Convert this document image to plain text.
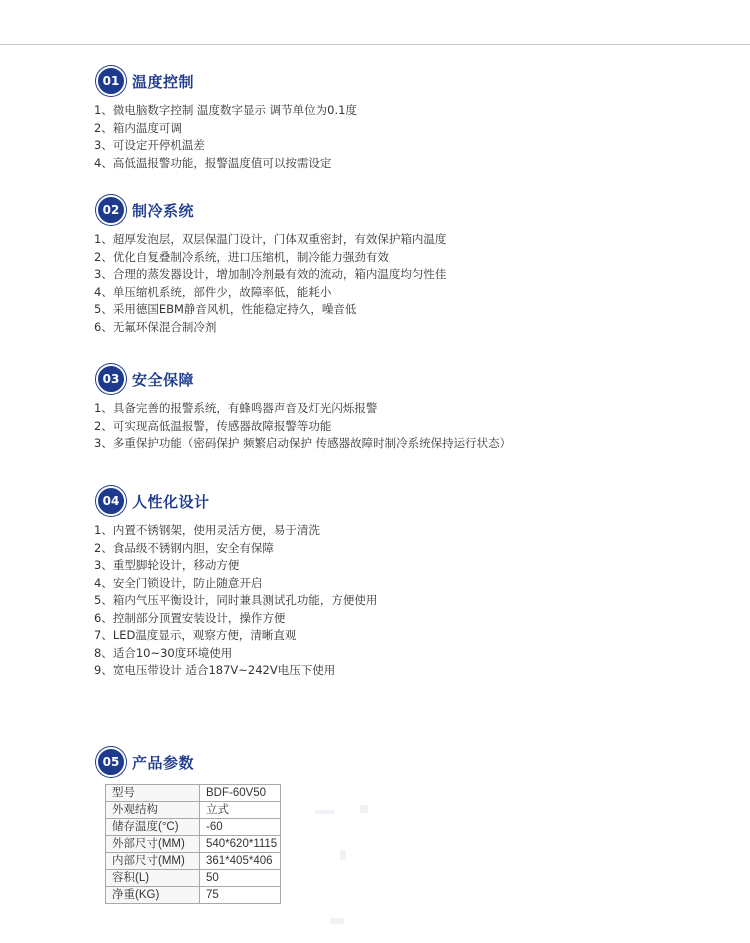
01 温度控制
1、微电脑数字控制 温度数字显示 调节单位为0.1度
2、箱内温度可调
3、可设定开停机温差
4、高低温报警功能，报警温度值可以按需设定
02 制冷系统
1、超厚发泡层，双层保温门设计，门体双重密封，有效保护箱内温度
2、优化自复叠制冷系统，进口压缩机，制冷能力强劲有效
3、合理的蒸发器设计，增加制冷剂最有效的流动，箱内温度均匀性佳
4、单压缩机系统，部件少，故障率低，能耗小
5、采用德国EBM静音风机，性能稳定持久，噪音低
6、无氟环保混合制冷剂
03 安全保障
1、具备完善的报警系统，有蜂鸣器声音及灯光闪烁报警
2、可实现高低温报警，传感器故障报警等功能
3、多重保护功能（密码保护 频繁启动保护 传感器故障时制冷系统保持运行状态）
04 人性化设计
1、内置不锈钢架，使用灵活方便，易于清洗
2、食品级不锈钢内胆，安全有保障
3、重型脚轮设计，移动方便
4、安全门锁设计，防止随意开启
5、箱内气压平衡设计，同时兼具测试孔功能，方便使用
6、控制部分顶置安装设计，操作方便
7、LED温度显示，观察方便，清晰直观
8、适合10~30度环境使用
9、宽电压带设计 适合187V~242V电压下使用
05 产品参数
型号	BDF-60V50
外观结构	立式
储存温度(°C)	-60
外部尺寸(MM)	540*620*1115
内部尺寸(MM)	361*405*406
容积(L)	50
净重(KG)	75
